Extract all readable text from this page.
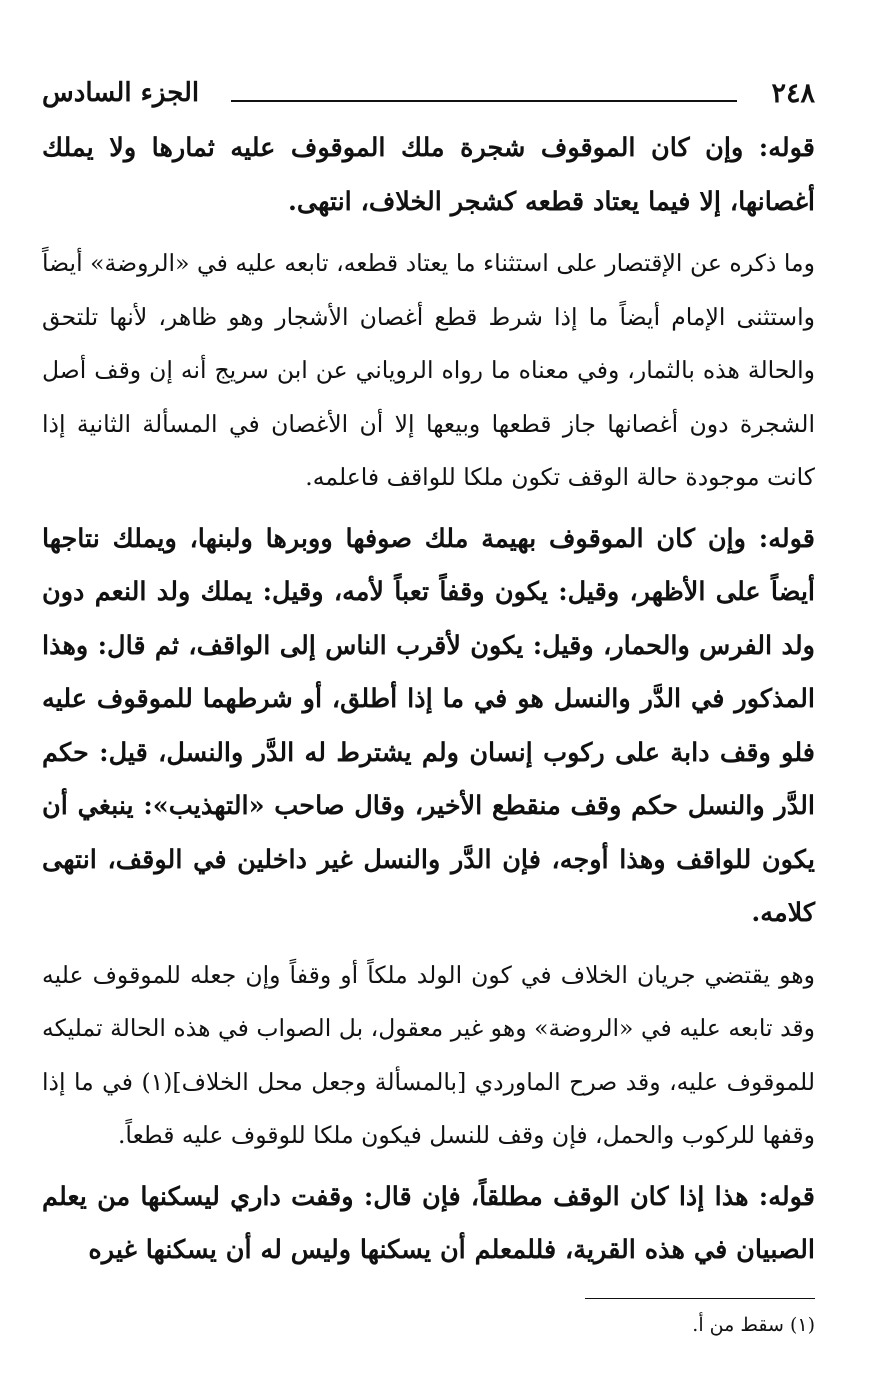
٢٤٨
الجزء السادس

قوله: وإن كان الموقوف شجرة ملك الموقوف عليه ثمارها ولا يملك أغصانها، إلا فيما يعتاد قطعه كشجر الخلاف، انتهى.

وما ذكره عن الإقتصار على استثناء ما يعتاد قطعه، تابعه عليه في «الروضة» أيضاً واستثنى الإمام أيضاً ما إذا شرط قطع أغصان الأشجار وهو ظاهر، لأنها تلتحق والحالة هذه بالثمار، وفي معناه ما رواه الروياني عن ابن سريج أنه إن وقف أصل الشجرة دون أغصانها جاز قطعها وبيعها إلا أن الأغصان في المسألة الثانية إذا كانت موجودة حالة الوقف تكون ملكا للواقف فاعلمه.

قوله: وإن كان الموقوف بهيمة ملك صوفها ووبرها ولبنها، ويملك نتاجها أيضاً على الأظهر، وقيل: يكون وقفاً تعباً لأمه، وقيل: يملك ولد النعم دون ولد الفرس والحمار، وقيل: يكون لأقرب الناس إلى الواقف، ثم قال: وهذا المذكور في الدَّر والنسل هو في ما إذا أطلق، أو شرطهما للموقوف عليه فلو وقف دابة على ركوب إنسان ولم يشترط له الدَّر والنسل، قيل: حكم الدَّر والنسل حكم وقف منقطع الأخير، وقال صاحب «التهذيب»: ينبغي أن يكون للواقف وهذا أوجه، فإن الدَّر والنسل غير داخلين في الوقف، انتهى كلامه.

وهو يقتضي جريان الخلاف في كون الولد ملكاً أو وقفاً وإن جعله للموقوف عليه وقد تابعه عليه في «الروضة» وهو غير معقول، بل الصواب في هذه الحالة تمليكه للموقوف عليه، وقد صرح الماوردي [بالمسألة وجعل محل الخلاف](١) في ما إذا وقفها للركوب والحمل، فإن وقف للنسل فيكون ملكا للوقوف عليه قطعاً.

قوله: هذا إذا كان الوقف مطلقاً، فإن قال: وقفت داري ليسكنها من يعلم الصبيان في هذه القرية، فللمعلم أن يسكنها وليس له أن يسكنها غيره

(١) سقط من أ.
